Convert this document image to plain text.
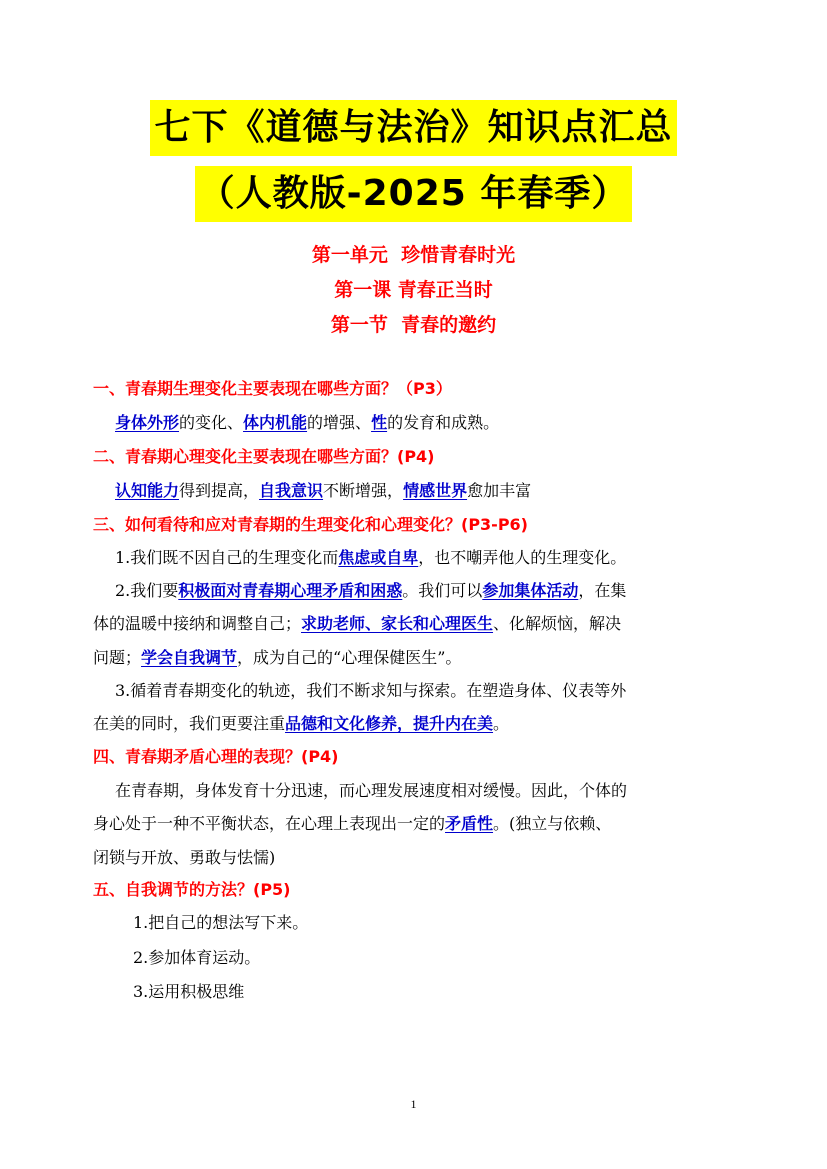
七下《道德与法治》知识点汇总
（人教版-2025 年春季）
第一单元  珍惜青春时光
第一课 青春正当时
第一节  青春的邀约
一、青春期生理变化主要表现在哪些方面？（P3）
身体外形的变化、体内机能的增强、性的发育和成熟。
二、青春期心理变化主要表现在哪些方面？(P4)
认知能力得到提高，自我意识不断增强，情感世界愈加丰富
三、如何看待和应对青春期的生理变化和心理变化？(P3-P6)
1.我们既不因自己的生理变化而焦虑或自卑，也不嘲弄他人的生理变化。
2.我们要积极面对青春期心理矛盾和困惑。我们可以参加集体活动，在集
体的温暖中接纳和调整自己；求助老师、家长和心理医生、化解烦恼，解决
问题；学会自我调节，成为自己的“心理保健医生”。
3.循着青春期变化的轨迹，我们不断求知与探索。在塑造身体、仪表等外
在美的同时，我们更要注重品德和文化修养，提升内在美。
四、青春期矛盾心理的表现？(P4)
在青春期，身体发育十分迅速，而心理发展速度相对缓慢。因此，个体的
身心处于一种不平衡状态，在心理上表现出一定的矛盾性。(独立与依赖、
闭锁与开放、勇敢与怯懦)
五、自我调节的方法？(P5)
1.把自己的想法写下来。
2.参加体育运动。
3.运用积极思维
1
